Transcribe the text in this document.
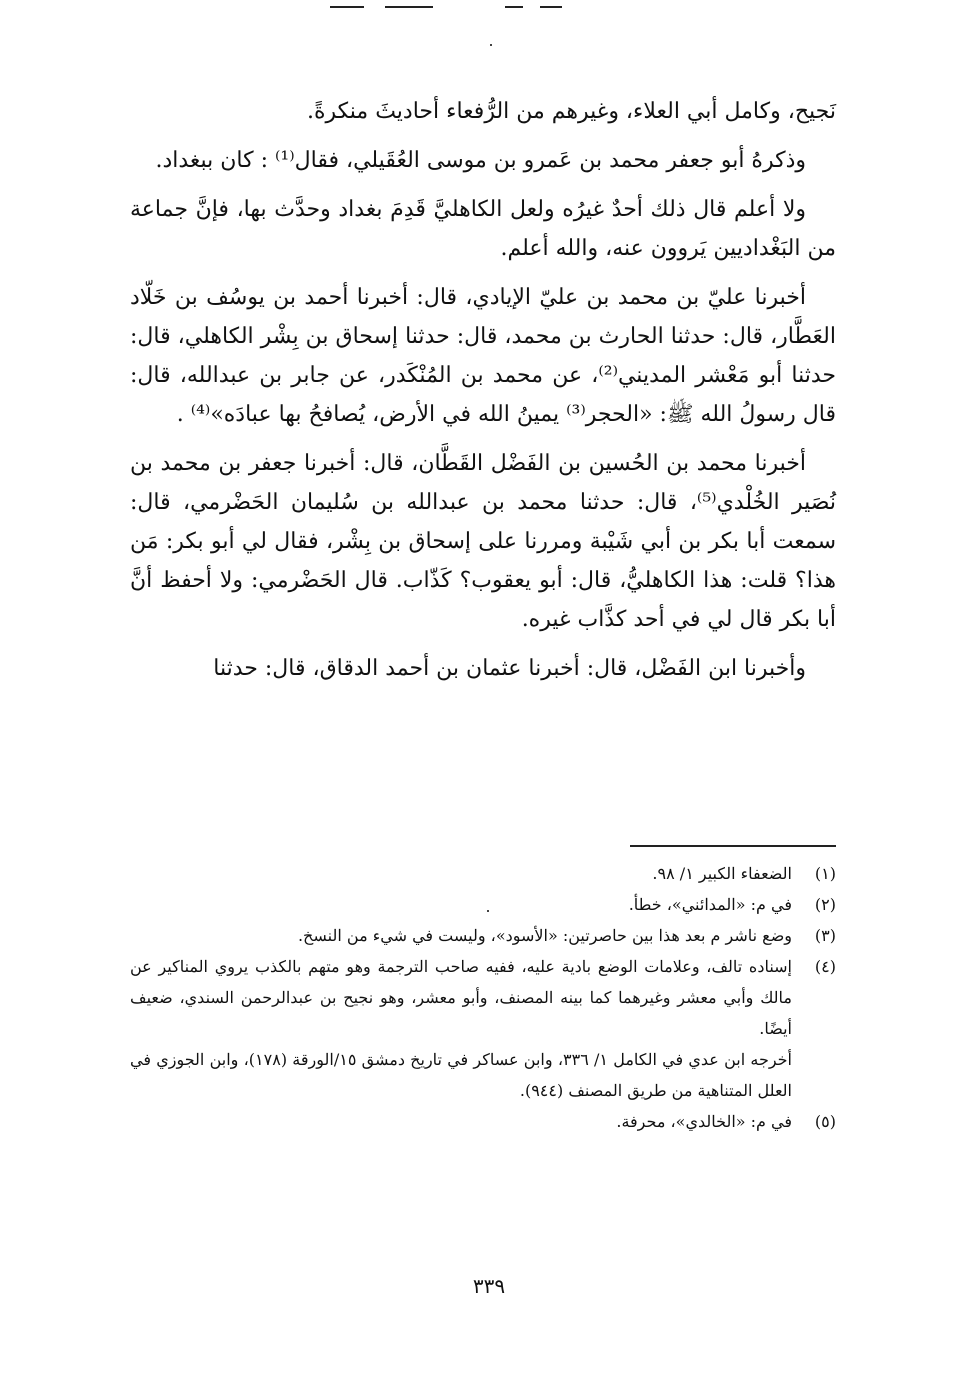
نَجيح، وكامل أبي العلاء، وغيرهم من الرُّفعاء أحاديثَ منكرةً.

وذكرهُ أبو جعفر محمد بن عَمرو بن موسى العُقَيلي، فقال⁽¹⁾ : كان ببغداد.

ولا أعلم قال ذلك أحدٌ غيرُه ولعل الكاهليَّ قَدِمَ بغداد وحدَّث بها، فإنَّ جماعة من البَغْداديين يَروون عنه، والله أعلم.

أخبرنا عليّ بن محمد بن عليّ الإيادي، قال: أخبرنا أحمد بن يوسُف بن خَلّاد العَطَّار، قال: حدثنا الحارث بن محمد، قال: حدثنا إسحاق بن بِشْر الكاهلي، قال: حدثنا أبو مَعْشر المديني⁽²⁾، عن محمد بن المُنْكَدر، عن جابر بن عبدالله، قال: قال رسولُ الله ﷺ: «الحجر⁽³⁾ يمينُ الله في الأرض، يُصافحُ بها عبادَه»⁽⁴⁾ .

أخبرنا محمد بن الحُسين بن الفَضْل القَطَّان، قال: أخبرنا جعفر بن محمد بن نُصَير الخُلْدي⁽⁵⁾، قال: حدثنا محمد بن عبدالله بن سُليمان الحَضْرمي، قال: سمعت أبا بكر بن أبي شَيْبة ومررنا على إسحاق بن بِشْر، فقال لي أبو بكر: مَن هذا؟ قلت: هذا الكاهليُّ، قال: أبو يعقوب؟ كَذّاب. قال الحَضْرمي: ولا أحفظ أنَّ أبا بكر قال لي في أحد كذَّاب غيره.

وأخبرنا ابن الفَضْل، قال: أخبرنا عثمان بن أحمد الدقاق، قال: حدثنا

(١)
الضعفاء الكبير ١/ ٩٨.
(٢)
في م: «المدائني»، خطأ.
(٣)
وضع ناشر م بعد هذا بين حاصرتين: «الأسود»، وليست في شيء من النسخ.
(٤)
إسناده تالف، وعلامات الوضع بادية عليه، ففيه صاحب الترجمة وهو متهم بالكذب يروي المناكير عن مالك وأبي معشر وغيرهما كما بينه المصنف، وأبو معشر، وهو نجيح بن عبدالرحمن السندي، ضعيف أيضًا.
أخرجه ابن عدي في الكامل ١/ ٣٣٦، وابن عساكر في تاريخ دمشق ١٥/الورقة (١٧٨)، وابن الجوزي في العلل المتناهية من طريق المصنف (٩٤٤).
(٥)
في م: «الخالدي»، محرفة.
٣٣٩
